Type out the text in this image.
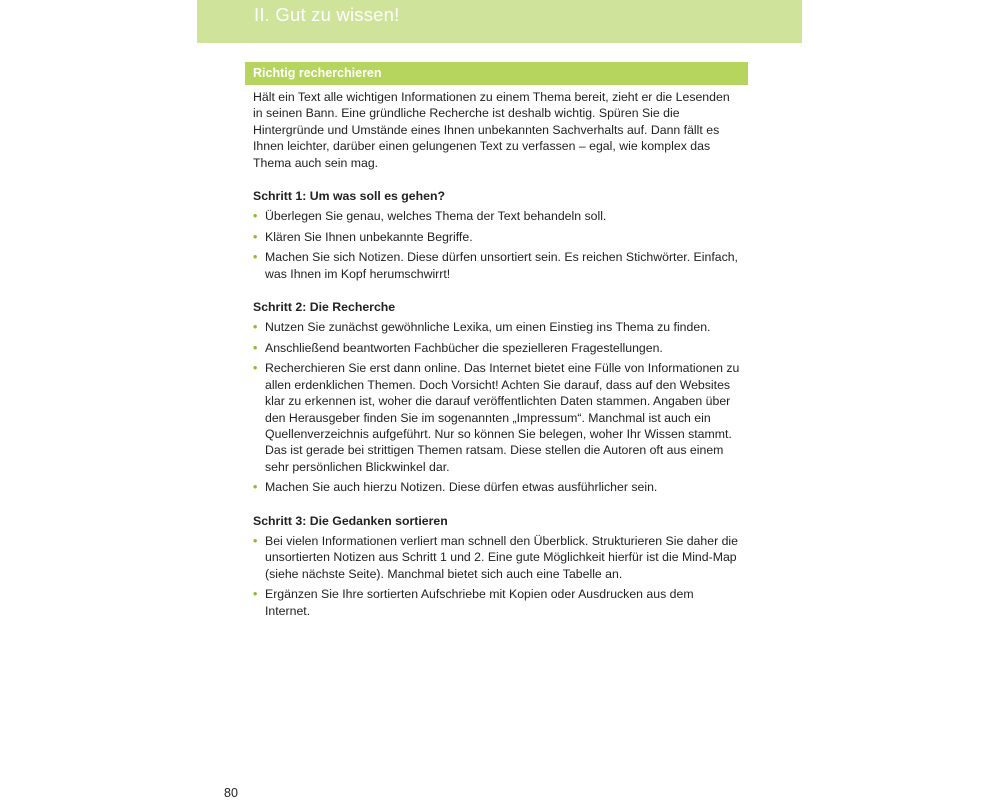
II. Gut zu wissen!
Richtig recherchieren

Hält ein Text alle wichtigen Informationen zu einem Thema bereit, zieht er die Lesenden in seinen Bann. Eine gründliche Recherche ist deshalb wichtig. Spüren Sie die Hintergründe und Umstände eines Ihnen unbekannten Sachverhalts auf. Dann fällt es Ihnen leichter, darüber einen gelungenen Text zu verfassen – egal, wie komplex das Thema auch sein mag.

Schritt 1: Um was soll es gehen?
• Überlegen Sie genau, welches Thema der Text behandeln soll.
• Klären Sie Ihnen unbekannte Begriffe.
• Machen Sie sich Notizen. Diese dürfen unsortiert sein. Es reichen Stichwörter. Einfach, was Ihnen im Kopf herumschwirrt!
Schritt 2: Die Recherche
• Nutzen Sie zunächst gewöhnliche Lexika, um einen Einstieg ins Thema zu finden.
• Anschließend beantworten Fachbücher die spezielleren Fragestellungen.
• Recherchieren Sie erst dann online. Das Internet bietet eine Fülle von Informationen zu allen erdenklichen Themen. Doch Vorsicht! Achten Sie darauf, dass auf den Websites klar zu erkennen ist, woher die darauf veröffentlichten Daten stammen. Angaben über den Herausgeber finden Sie im sogenannten „Impressum“. Manchmal ist auch ein Quellenverzeichnis aufgeführt. Nur so können Sie belegen, woher Ihr Wissen stammt. Das ist gerade bei strittigen Themen ratsam. Diese stellen die Autoren oft aus einem sehr persönlichen Blickwinkel dar.
• Machen Sie auch hierzu Notizen. Diese dürfen etwas ausführlicher sein.
Schritt 3: Die Gedanken sortieren
• Bei vielen Informationen verliert man schnell den Überblick. Strukturieren Sie daher die unsortierten Notizen aus Schritt 1 und 2. Eine gute Möglichkeit hierfür ist die Mind-Map (siehe nächste Seite). Manchmal bietet sich auch eine Tabelle an.
• Ergänzen Sie Ihre sortierten Aufschriebe mit Kopien oder Ausdrucken aus dem Internet.
80
